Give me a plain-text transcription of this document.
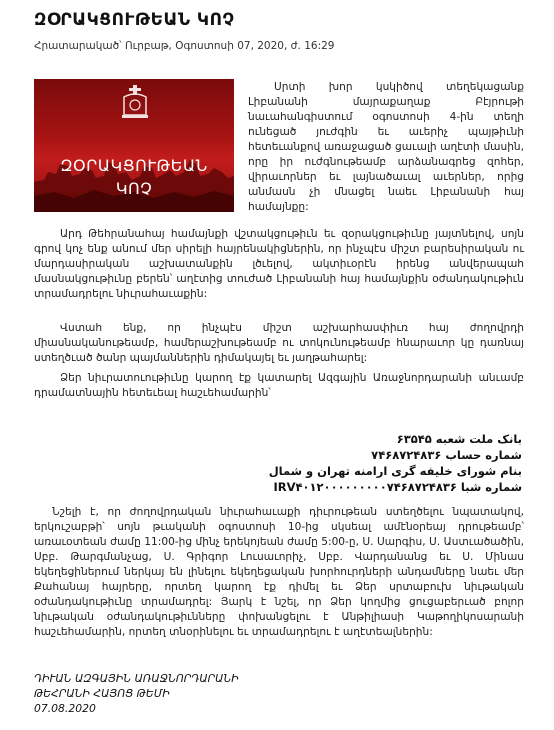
ԶՕՐԱԿՑՈՒԹԵԱՆ ԿՈՉ
Հրատարակած՝ Ուրբաթ, Օգոստոսի 07, 2020, ժ. 16:29
ԶՕՐԱԿՑՈՒԹԵԱՆ
ԿՈՉ

Սրտի խոր կսկիծով տեղեկացանք Լիբանանի մայրաքաղաք Բէյրութի նաւահանգիստում օգոստոսի 4-ին տեղի ունեցած յուժգին եւ աւերիչ պայթիւնի հետեւանքով առաջացած ցաւալի աղէտի մասին, որը իր ուժգնութեամբ արձանագրեց զոհեր, վիրաւորներ եւ լայնածաւալ աւերներ, որից անմասն չի մնացել նաեւ Լիբանանի հայ համայնքը:

Արդ Թեհրանահայ համայնքի վշտակցութիւն եւ զօրակցութիւնը յայտնելով, սոյն գրով կոչ ենք անում մեր սիրելի հայրենակիցներին, որ ինչպէս միշտ բարեսիրական ու մարդասիրական աշխատանքին լծւելով, ակտիւօրէն իրենց անվերապահ մասնակցութիւնը բերեն՝ աղէտից տուժած Լիբանանի հայ համայնքին օժանդակութիւն տրամադրելու նիւրահաւաքին:

Վստահ ենք, որ ինչպէս միշտ աշխարհասփիւռ հայ ժողովրդի միասնականութեամբ, համերաշխութեամբ ու տոկունութեամբ հնարաւոր կը դառնայ ստեղծւած ծանր պայմաններին դիմակայել եւ յաղթահարել:

Ձեր նիւրատուութիւնը կարող էք կատարել Ազգային Առաջնորդարանի անւամբ դրամատնային հետեւեալ հաշւեհամարին՝

بانک ملت شعبه ۶۳۵۴۵
شماره حساب ۷۴۶۸۷۲۴۸۳۶
بنام شورای خلیفه گری ارامنه تهران و شمال
شماره شبا IRV۴۰۱۲۰۰۰۰۰۰۰۰۰۷۴۶۸۷۲۴۸۳۶

Նշելի է, որ ժողովրդական նիւրահաւաքի դիւրութեան ստեղծելու նպատակով, երկուշաբթի՝ սոյն թւականի օգոստոսի 10-ից սկսեալ ամէնօրեայ դրութեամբ՝ առաւօտեան ժամը 11:00-ից մինչ երեկոյեան ժամը 5:00-ը, Ս. Սարգիս, Ս. Աստւածածին, Սբբ. Թարգմանչաց, Ս. Գրիգոր Լուսաւորիչ, Սբբ. Վարդանանց եւ Ս. Մինաս եկեղեցիներում ներկայ են լինելու եկեղեցական խորհուրդների անդամները նաեւ մեր Քահանայ հայրերը, որտեղ կարող էք դիմել եւ Ձեր սրտաբուխ նիւթական օժանդակութիւնը տրամադրել: Յարկ է նշել, որ Ձեր կողմից ցուցաբերւած բոլոր նիւթական օժանդակութիւնները փոխանցելու է Անթիլիասի Կաթողիկոսարանի հաշւեհամարին, որտեղ տնօրինելու եւ տրամադրելու է աղէտեալներին:

ԴԻՒԱՆ ԱԶԳԱՅԻՆ ԱՌԱՋՆՈՐԴԱՐԱՆԻ
ԹԵՀՐԱՆԻ ՀԱՅՈՑ ԹԵՄԻ
07.08.2020
